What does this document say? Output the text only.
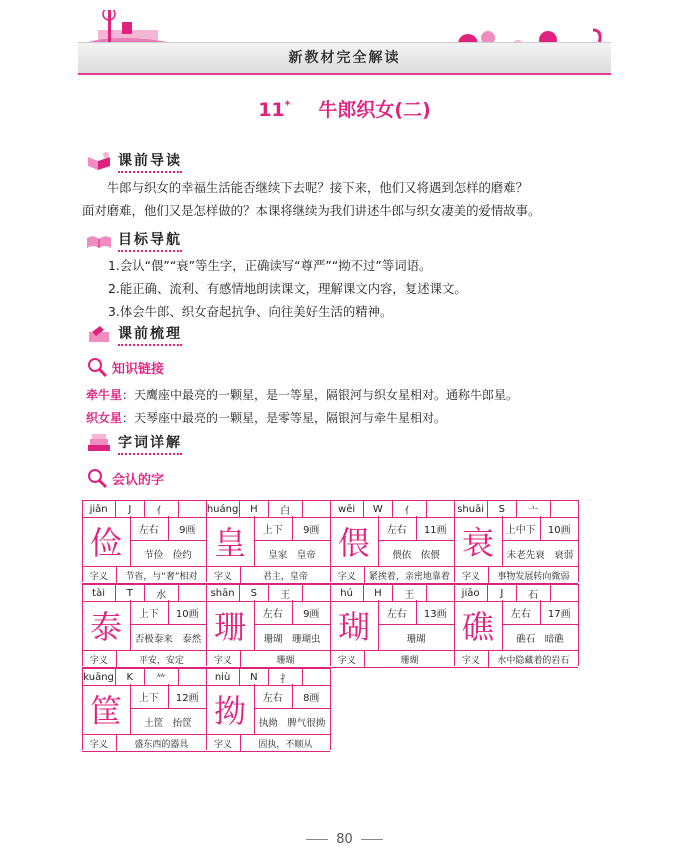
新教材完全解读
11* 牛郎织女(二)
课前导读

牛郎与织女的幸福生活能否继续下去呢？接下来，他们又将遇到怎样的磨难？

面对磨难，他们又是怎样做的？本课将继续为我们讲述牛郎与织女凄美的爱情故事。

目标导航

1.会认“偎”“衰”等生字，正确读写“尊严”“拗不过”等词语。

2.能正确、流利、有感情地朗读课文，理解课文内容，复述课文。

3.体会牛郎、织女奋起抗争、向往美好生活的精神。

课前梳理
知识链接

牵牛星：天鹰座中最亮的一颗星，是一等星，隔银河与织女星相对。通称牛郎星。

织女星：天琴座中最亮的一颗星，是零等星，隔银河与牵牛星相对。

字词详解
会认的字
jiǎn	J	亻
俭	左右	9画
节俭　俭约
字义	节省，与“奢”相对
huáng	H	白
皇	上下	9画
皇家　皇帝
字义	君主，皇帝
wēi	W	亻
偎	左右	11画
偎依　依偎
字义	紧挨着，亲密地靠着
shuāi	S	亠
衰	上中下	10画
未老先衰　衰弱
字义	事物发展转向微弱
tài	T	水
泰	上下	10画
否极泰来　泰然
字义	平安，安定
shān	S	王
珊	左右	9画
珊瑚　珊瑚虫
字义	珊瑚
hú	H	王
瑚	左右	13画
珊瑚
字义	珊瑚
jiāo	J	石
礁	左右	17画
礁石　暗礁
字义	水中隐藏着的岩石
kuāng	K	⺮
筐	上下	12画
土筐　抬筐
字义	盛东西的器具
niù	N	扌
拗	左右	8画
执拗　脾气很拗
字义	固执，不顺从
80
